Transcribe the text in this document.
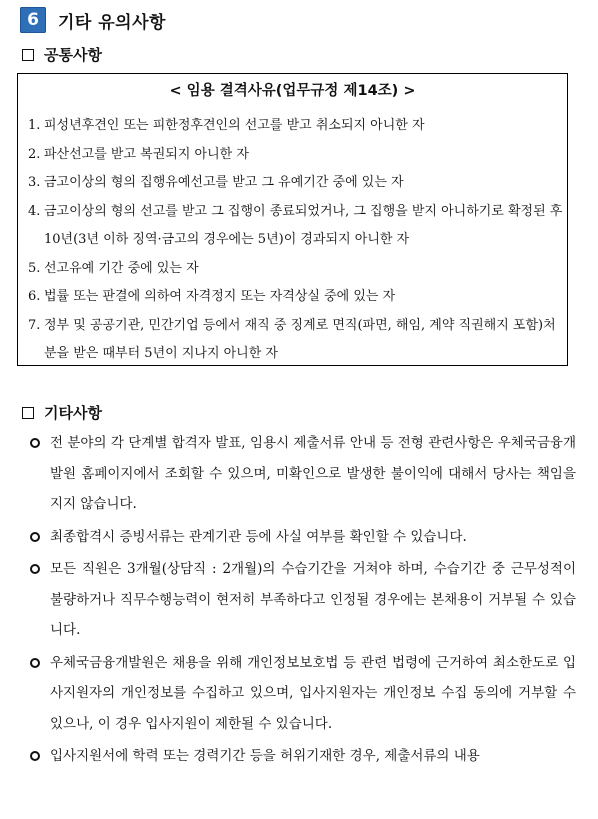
6	기타 유의사항
공통사항
< 임용 결격사유(업무규정 제14조) >
1. 피성년후견인 또는 피한정후견인의 선고를 받고 취소되지 아니한 자
2. 파산선고를 받고 복권되지 아니한 자
3. 금고이상의 형의 집행유예선고를 받고 그 유예기간 중에 있는 자
4. 금고이상의 형의 선고를 받고 그 집행이 종료되었거나, 그 집행을 받지 아니하기로 확정된 후 10년(3년 이하 징역·금고의 경우에는 5년)이 경과되지 아니한 자
5. 선고유예 기간 중에 있는 자
6. 법률 또는 판결에 의하여 자격정지 또는 자격상실 중에 있는 자
7. 정부 및 공공기관, 민간기업 등에서 재직 중 징계로 면직(파면, 해임, 계약 직권해지 포함)처분을 받은 때부터 5년이 지나지 아니한 자
기타사항
전 분야의 각 단계별 합격자 발표, 임용시 제출서류 안내 등 전형 관련사항은 우체국금융개발원 홈페이지에서 조회할 수 있으며, 미확인으로 발생한 불이익에 대해서 당사는 책임을 지지 않습니다.
최종합격시 증빙서류는 관계기관 등에 사실 여부를 확인할 수 있습니다.
모든 직원은 3개월(상담직 : 2개월)의 수습기간을 거쳐야 하며, 수습기간 중 근무성적이 불량하거나 직무수행능력이 현저히 부족하다고 인정될 경우에는 본채용이 거부될 수 있습니다.
우체국금융개발원은 채용을 위해 개인정보보호법 등 관련 법령에 근거하여 최소한도로 입사지원자의 개인정보를 수집하고 있으며, 입사지원자는 개인정보 수집 동의에 거부할 수 있으나, 이 경우 입사지원이 제한될 수 있습니다.
입사지원서에 학력 또는 경력기간 등을 허위기재한 경우, 제출서류의 내용
